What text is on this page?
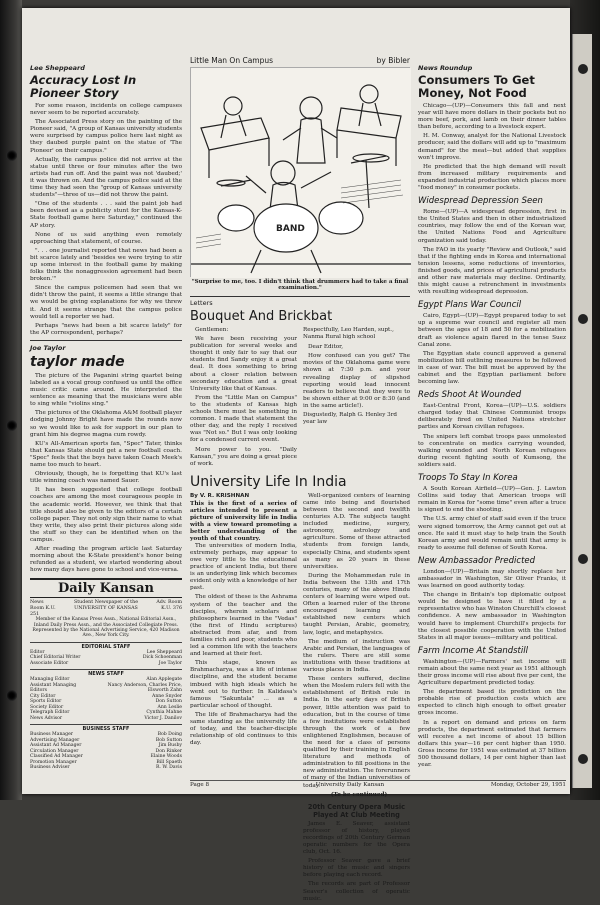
Lee Sheppeard
Accuracy Lost In Pioneer Story

For some reason, incidents on college campuses never seem to be reported accurately.

The Associated Press story on the painting of the Pioneer said, "A group of Kansas university students were surprised by campus police here last night as they daubed purple paint on the statue of 'The Pioneer' on their campus."

Actually, the campus police did not arrive at the statue until three or four minutes after the two artists had run off. And the paint was not 'daubed;' it was thrown on. And the campus police said at the time they had seen the "group of Kansas university students"—three of us—did not throw the paint.

"One of the students . . . said the paint job had been devised as a publicity stunt for the Kansas-K-State football game here Saturday," continued the AP story.

None of us said anything even remotely approaching that statement, of course.

". . . one journalist reported that news had been a bit scarce lately and 'besides we were trying to stir up some interest in the football game by making folks think the nonaggression agreement had been broken.'"

Since the campus policemen had seen that we didn't throw the paint, it seems a little strange that we would be giving explanations for why we threw it. And it seems strange that the campus police would tell a reporter we had.

Perhaps "news had been a bit scarce lately" for the AP correspondent, perhaps?

Joe Taylor
taylor made

The picture of the Paganini string quartet being labeled as a vocal group confused us until the office music critic came around. He interpreted the sentence as meaning that the musicians were able to sing while "violins sing."

The pictures of the Oklahoma A&M football player dodging Johnny Bright have made the rounds now so we would like to ask for support in our plan to grant him his degree magna cum rowdy.

KU's All-American sports fan, "Spec" Tater, thinks that Kansas State should get a new football coach. "Spec" feels that the boys have taken Coach Meek's name too much to heart.

Obviously, though, he is forgetting that KU's last title winning coach was named Sauer.

It has been suggested that college football coaches are among the most courageous people in the academic world. However, we think that that title should also be given to the editors of a certain college paper. They not only sign their name to what they write, they also print their pictures along side the stuff so they can be identified when on the campus.

After reading the program article last Saturday morning about the K-State president's honor being refunded as a student, we started wondering about how many days have gone to school and vice-versa.

Daily Kansan
News Room K.U. 251
Student Newspaper of the UNIVERSITY OF KANSAS
Adv. Room K.U. 376
Member of the Kansas Press Assn., National Editorial Assn., Inland Daily Press Assn., and the Associated Collegiate Press. Represented by the National Advertising Service, 420 Madison Ave., New York City.
EDITORIAL STAFF
Editor	Lee Sheppeard
Chief Editorial Writer	Dick Schoenman
Associate Editor	Joe Taylor
NEWS STAFF
Managing Editor	Alan Applegate
Assistant Managing Editors
Nancy Anderson, Charles Price, Elsworth Zahn
City Editor	Anne Snyder
Sports Editor	Don Sutton
Society Editor	Ann Leslie
Telegraph Editor	Cynthia Mahne
News Advisor	Victor J. Danilov
BUSINESS STAFF
Business Manager	Bob Doing
Advertising Manager	Bob Sutton
Assistant Ad Manager	Jim Busby
Circulation Manager	Don Rinker
Classified Ad Manager	Elaine Woods
Promotion Manager	Bill Spaeth
Business Adviser	R. W. Davis
Little Man On Campus	by Bibler
BAND
"Surprise to me, too. I didn't think that drummers had to take a final examination."
Letters
Bouquet And Brickbat

Gentlemen:

We have been receiving your publication for several weeks and thought it only fair to say that our students find Sandy enjoy it a great deal. It does something to bring about a closer relation between secondary education and a great University like that of Kansas.

From the "Little Man on Campus" to the students of Kansas high schools there must be something in common. I made that statement the other day, and the reply I received was "Not so." But I was only looking for a condensed current event.

More power to you. "Daily Kansan," you are doing a great piece of work.

Respectfully, Leo Harden, supt., Nanma Rural high school

Dear Editor,

How confused can you get? The movies of the Oklahoma game were shown at 7:30 p.m. and your revealing display of slipshod reporting would lead innocent readers to believe that they were to be shown either at 9:00 or 8:30 (and in the same article!).

Disgustedly, Ralph G. Henley 3rd year law
University Life In India
By V. R. KRISHNAN
This is the first of a series of articles intended to present a picture of university life in India with a view toward promoting a better understanding of the youth of that country.

The universities of modern India, extremely perhaps, may appear to owe very little to the educational practice of ancient India, but there is an underlying link which becomes evident only with a knowledge of her past.

The oldest of these is the Ashrama system of the teacher and the disciples, wherein scholars and philosophers learned in the "Vedas" (the first of Hindu scriptures) abstracted from afar, and from families rich and poor, students who led a common life with the teachers and learned at their feet.

This stage, known as Brahmacharya, was a life of intense discipline, and the student became imbued with high ideals which he went out to further. In Kalidasa's famous "Sakuntala" ... as a particular school of thought.

The life of Brahmacharya had the same standing as the university life of today, and the teacher-disciple relationship of old continues to this day.

Well-organized centers of learning came into being and flourished between the second and twelfth centuries A.D. The subjects taught included medicine, surgery, astronomy, astrology and agriculture. Some of these attracted students from foreign lands, especially China, and students spent as many as 20 years in these universities.

During the Mohammedan rule in India between the 13th and 17th centuries, many of the above Hindu centers of learning were wiped out. Often a learned ruler of the throne encouraged learning and established new centers which taught Persian, Arabic, geometry, law, logic, and metaphysics.

The medium of instruction was Arabic and Persian, the languages of the rulers. There are still some institutions with these traditions at various places in India.

These centers suffered, decline when the Moslem rulers fell with the establishment of British rule in India. In the early days of British power, little attention was paid to education, but in the course of time a few institutions were established through the work of a few enlightened Englishmen, because of the need for a class of persons qualified by their training in English literature and methods of administration to fill positions in the new administration. The forerunners of many of the Indian universities of today.

(To be continued)
20th Century Opera Music Played At Club Meeting

James E. Seaver, assistant professor of history, played recordings of 20th Century German operatic numbers for the Opera club, Oct. 16.

Professor Seaver gave a brief history of the music and singers before playing each record.

The records are part of Professor Seaver's collection of operatic music.

News Roundup
Consumers To Get Money, Not Food

Chicago—(UP)—Consumers this fall and next year will have more dollars in their pockets but no more beef, pork, and lamb on their dinner tables than before, according to a livestock expert.

H. M. Conway, analyst for the National Livestock producer, said the dollars will add up to "maximum demand" for the meat—but added that supplies won't improve.

He predicted that the high demand will result from increased military requirements and expanded industrial production which places more "food money" in consumer pockets.

Widespread Depression Seen

Rome—(UP)—A widespread depression, first in the United States and then in other industrialized countries, may follow the end of the Korean war, the United Nations Food and Agriculture organization said today.

The FAO in its yearly "Review and Outlook," said that if the fighting ends in Korea and international tension lessens, some reductions of inventories, finished goods, and prices of agricultural products and other raw materials may decline. Ordinarily, this might cause a retrenchment in investments with resulting widespread depression.

Egypt Plans War Council

Cairo, Egypt—(UP)—Egypt prepared today to set up a supreme war council and register all men between the ages of 18 and 50 for a mobilization draft as violence again flared in the tense Suez Canal zone.

The Egyptian state council approved a general mobilization bill outlining measures to be followed in case of war. The bill must be approved by the cabinet and the Egyptian parliament before becoming law.

Reds Shoot At Wounded

East-Central Front, Korea—(UP)—U.S. soldiers charged today that Chinese Communist troops deliberately fired on United Nations stretcher parties and Korean civilian refugees.

The snipers left combat troops pass unmolested to concentrate on medics carrying wounded, walking wounded and North Korean refugees during recent fighting south of Kumsong, the soldiers said.

Troops To Stay In Korea

A South Korean Airfield—(UP)—Gen. J. Lawton Collins said today that American troops will remain in Korea for "some time" even after a truce is signed to end the shooting.

The U.S. army chief of staff said even if the truce were signed tomorrow, the Army cannot get out at once. He said it must stay to help train the South Korean army and would remain until that army is ready to assume full defense of South Korea.

New Ambassador Predicted

London—(UP)—Britain may shortly replace her ambassador in Washington, Sir Oliver Franks, it was learned on good authority today.

The change in Britain's top diplomatic outpost would be designed to have it filled by a representative who has Winston Churchill's closest confidence. A new ambassador in Washington would have to implement Churchill's projects for the closest possible cooperation with the United States in all major issues—military and political.

Farm Income At Standstill

Washington—(UP)—Farmers' net income will remain about the same next year as 1951 although their gross income will rise about five per cent, the Agriculture department predicted today.

The department based its prediction on the probable rise of production costs which are expected to clinch high enough to offset greater gross income.

In a report on demand and prices on farm products, the department estimated that farmers will receive a net income of about 15 billion dollars this year—16 per cent higher than 1950. Gross income for 1951 was estimated at 37 billion 500 thousand dollars, 14 per cent higher than last year.

Page 8	University Daily Kansan	Monday, October 29, 1951
